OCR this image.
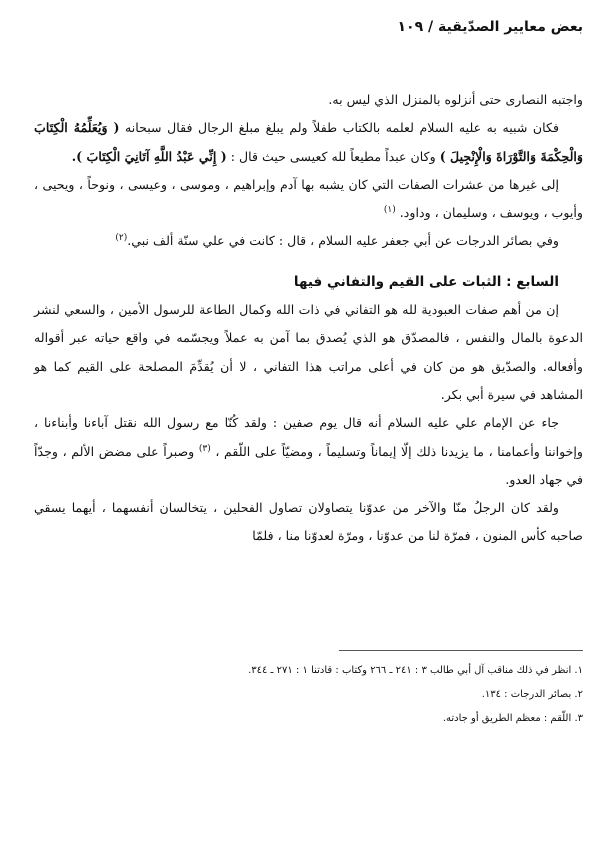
بعض معايير الصدّيقية / ١٠٩

واجتبه النصارى حتى أنزلوه بالمنزل الذي ليس به.

فكان شبيه به عليه السلام لعلمه بالكتاب طفلاً ولم يبلغ مبلغ الرجال فقال سبحانه ( وَيُعَلِّمُهُ الْكِتَابَ وَالْحِكْمَةَ وَالتَّوْرَاةَ وَالْإِنْجِيلَ ) وكان عبداً مطيعاً لله كعيسى حيث قال : ( إِنِّي عَبْدُ اللَّهِ آتَانِيَ الْكِتَابَ ).

إلى غيرها من عشرات الصفات التي كان يشبه بها آدم وإبراهيم ، وموسى ، وعيسى ، ونوحاً ، ويحيى ، وأيوب ، ويوسف ، وسليمان ، وداود. $^{(١)}$

وفي بصائر الدرجات عن أبي جعفر عليه السلام ، قال : كانت في علي سنّة ألف نبي.$^{(٢)}$

السابع : الثبات على القيم والتفاني فيها

إن من أهم صفات العبودية لله هو التفاني في ذات الله وكمال الطاعة للرسول الأمين ، والسعي لنشر الدعوة بالمال والنفس ، فالمصدّق هو الذي يُصدق بما آمن به عملاً ويجسّمه في واقع حياته عبر أقواله وأفعاله. والصدّيق هو من كان في أعلى مراتب هذا التفاني ، لا أن يُقدِّمَ المصلحة على القيم كما هو المشاهد في سيرة أبي بكر.

جاء عن الإمام علي عليه السلام أنه قال يوم صفين : ولقد كُنّا مع رسول الله نقتل آباءنا وأبناءنا ، وإخواننا وأعمامنا ، ما يزيدنا ذلك إلّا إيماناً وتسليماً ، ومضيّاً على اللّقم ، $^{(٣)}$ وصبراً على مضض الألم ، وجدّاً في جهاد العدو.

ولقد كان الرجلُ منّا والآخر من عدوّنا يتصاولان تصاول الفحلين ، يتخالسان أنفسهما ، أيهما يسقي صاحبه كأس المنون ، فمرّة لنا من عدوّنا ، ومرّة لعدوّنا منا ، فلمّا

١. انظر في ذلك مناقب آل أبي طالب ٣ : ٢٤١ ـ ٢٦٦ وكتاب : قادتنا ١ : ٢٧١ ـ ٣٤٤.
٢. بصائر الدرجات : ١٣٤.
٣. اللّقم : معظم الطريق أو جادته.
